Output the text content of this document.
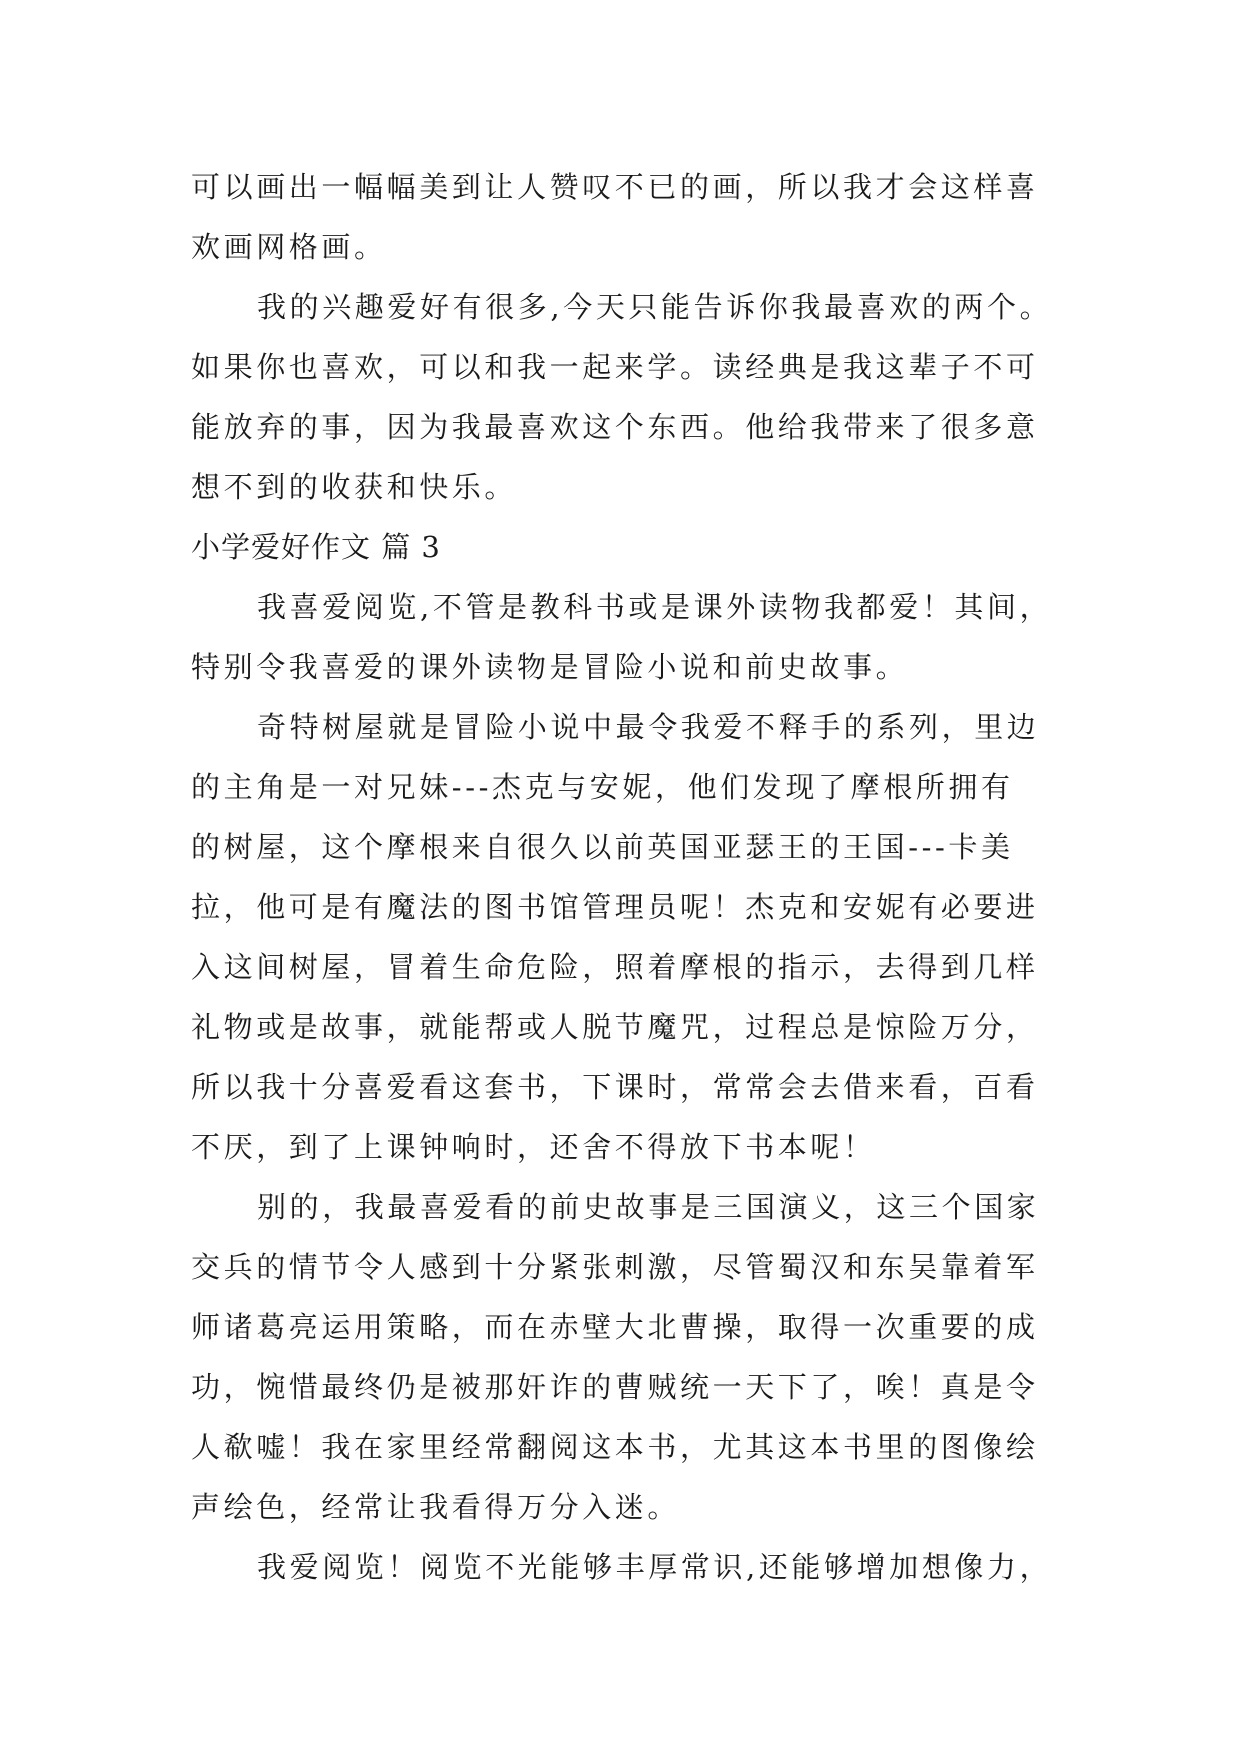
可以画出一幅幅美到让人赞叹不已的画，所以我才会这样喜
欢画网格画。
我的兴趣爱好有很多,今天只能告诉你我最喜欢的两个。
如果你也喜欢，可以和我一起来学。读经典是我这辈子不可
能放弃的事，因为我最喜欢这个东西。他给我带来了很多意
想不到的收获和快乐。
小学爱好作文 篇 3
我喜爱阅览,不管是教科书或是课外读物我都爱！其间，
特别令我喜爱的课外读物是冒险小说和前史故事。
奇特树屋就是冒险小说中最令我爱不释手的系列，里边
的主角是一对兄妹---杰克与安妮，他们发现了摩根所拥有
的树屋，这个摩根来自很久以前英国亚瑟王的王国---卡美
拉，他可是有魔法的图书馆管理员呢！杰克和安妮有必要进
入这间树屋，冒着生命危险，照着摩根的指示，去得到几样
礼物或是故事，就能帮或人脱节魔咒，过程总是惊险万分，
所以我十分喜爱看这套书，下课时，常常会去借来看，百看
不厌，到了上课钟响时，还舍不得放下书本呢！
别的，我最喜爱看的前史故事是三国演义，这三个国家
交兵的情节令人感到十分紧张刺激，尽管蜀汉和东吴靠着军
师诸葛亮运用策略，而在赤壁大北曹操，取得一次重要的成
功，惋惜最终仍是被那奸诈的曹贼统一天下了，唉！真是令
人欷嘘！我在家里经常翻阅这本书，尤其这本书里的图像绘
声绘色，经常让我看得万分入迷。
我爱阅览！阅览不光能够丰厚常识,还能够增加想像力，
